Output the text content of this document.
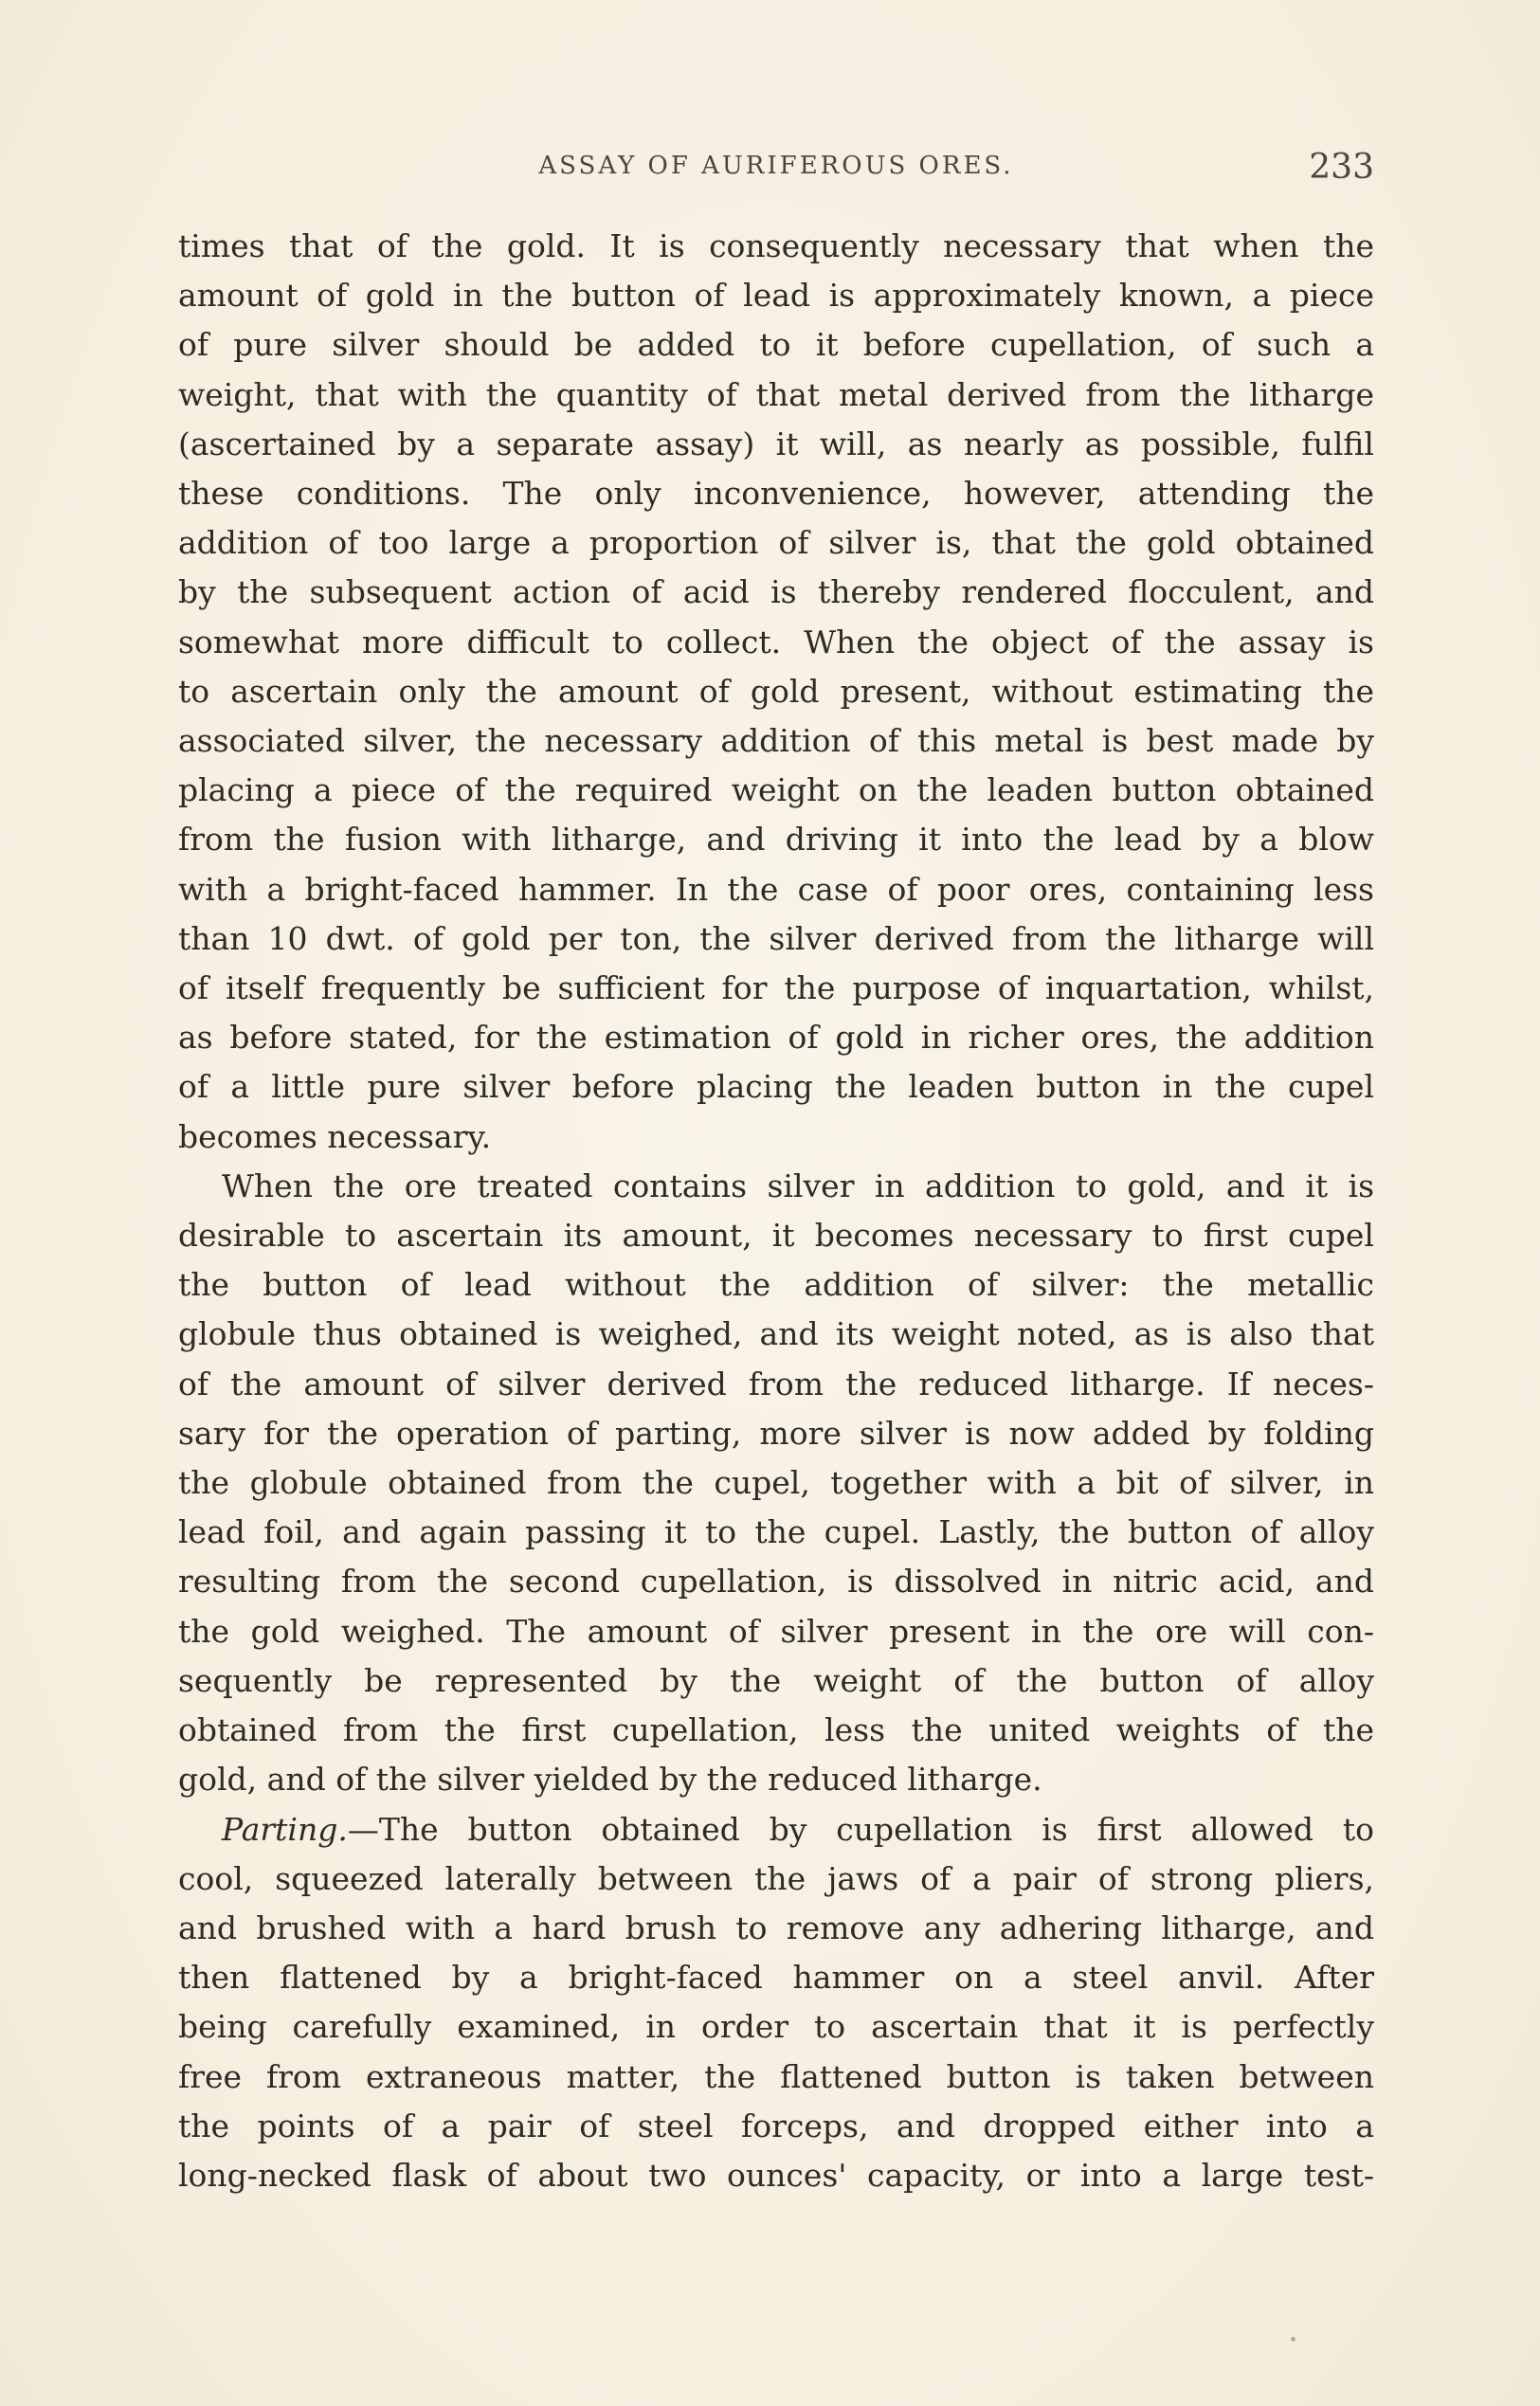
ASSAY OF AURIFEROUS ORES.	233

times that of the gold. It is consequently necessary that when the

amount of gold in the button of lead is approximately known, a piece

of pure silver should be added to it before cupellation, of such a

weight, that with the quantity of that metal derived from the litharge

(ascertained by a separate assay) it will, as nearly as possible, fulfil

these conditions. The only inconvenience, however, attending the

addition of too large a proportion of silver is, that the gold obtained

by the subsequent action of acid is thereby rendered flocculent, and

somewhat more difficult to collect. When the object of the assay is

to ascertain only the amount of gold present, without estimating the

associated silver, the necessary addition of this metal is best made by

placing a piece of the required weight on the leaden button obtained

from the fusion with litharge, and driving it into the lead by a blow

with a bright-faced hammer. In the case of poor ores, containing less

than 10 dwt. of gold per ton, the silver derived from the litharge will

of itself frequently be sufficient for the purpose of inquartation, whilst,

as before stated, for the estimation of gold in richer ores, the addition

of a little pure silver before placing the leaden button in the cupel

becomes necessary.

When the ore treated contains silver in addition to gold, and it is

desirable to ascertain its amount, it becomes necessary to first cupel

the button of lead without the addition of silver: the metallic

globule thus obtained is weighed, and its weight noted, as is also that

of the amount of silver derived from the reduced litharge. If neces-

sary for the operation of parting, more silver is now added by folding

the globule obtained from the cupel, together with a bit of silver, in

lead foil, and again passing it to the cupel. Lastly, the button of alloy

resulting from the second cupellation, is dissolved in nitric acid, and

the gold weighed. The amount of silver present in the ore will con-

sequently be represented by the weight of the button of alloy

obtained from the first cupellation, less the united weights of the

gold, and of the silver yielded by the reduced litharge.

Parting.—The button obtained by cupellation is first allowed to

cool, squeezed laterally between the jaws of a pair of strong pliers,

and brushed with a hard brush to remove any adhering litharge, and

then flattened by a bright-faced hammer on a steel anvil. After

being carefully examined, in order to ascertain that it is perfectly

free from extraneous matter, the flattened button is taken between

the points of a pair of steel forceps, and dropped either into a

long-necked flask of about two ounces' capacity, or into a large test-
